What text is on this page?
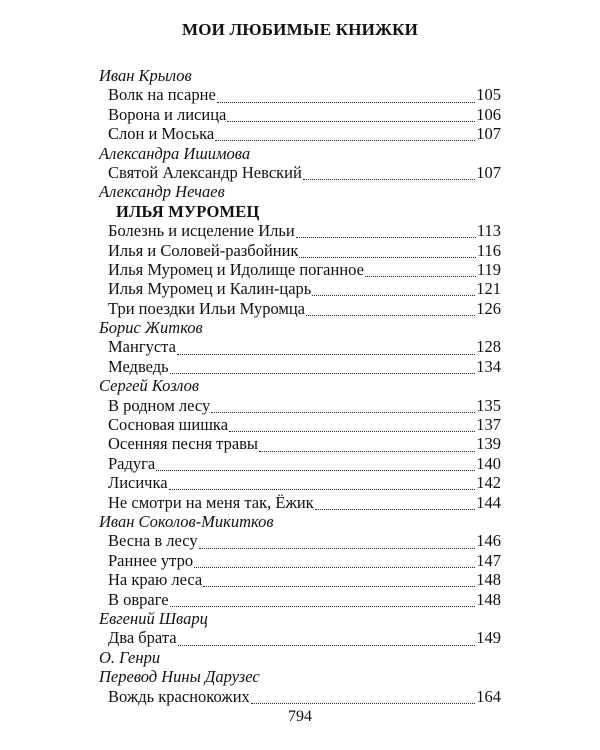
МОИ ЛЮБИМЫЕ КНИЖКИ
Иван Крылов
Волк на псарне	105
Ворона и лисица	106
Слон и Моська	107
Александра Ишимова
Святой Александр Невский	107
Александр Нечаев
ИЛЬЯ МУРОМЕЦ
Болезнь и исцеление Ильи	113
Илья и Соловей-разбойник	116
Илья Муромец и Идолище поганное	119
Илья Муромец и Калин-царь	121
Три поездки Ильи Муромца	126
Борис Житков
Мангуста	128
Медведь	134
Сергей Козлов
В родном лесу	135
Сосновая шишка	137
Осенняя песня травы	139
Радуга	140
Лисичка	142
Не смотри на меня так, Ёжик	144
Иван Соколов-Микитков
Весна в лесу	146
Раннее утро	147
На краю леса	148
В овраге	148
Евгений Шварц
Два брата	149
О. Генри
Перевод Нины Дарузес
Вождь краснокожих	164
794
